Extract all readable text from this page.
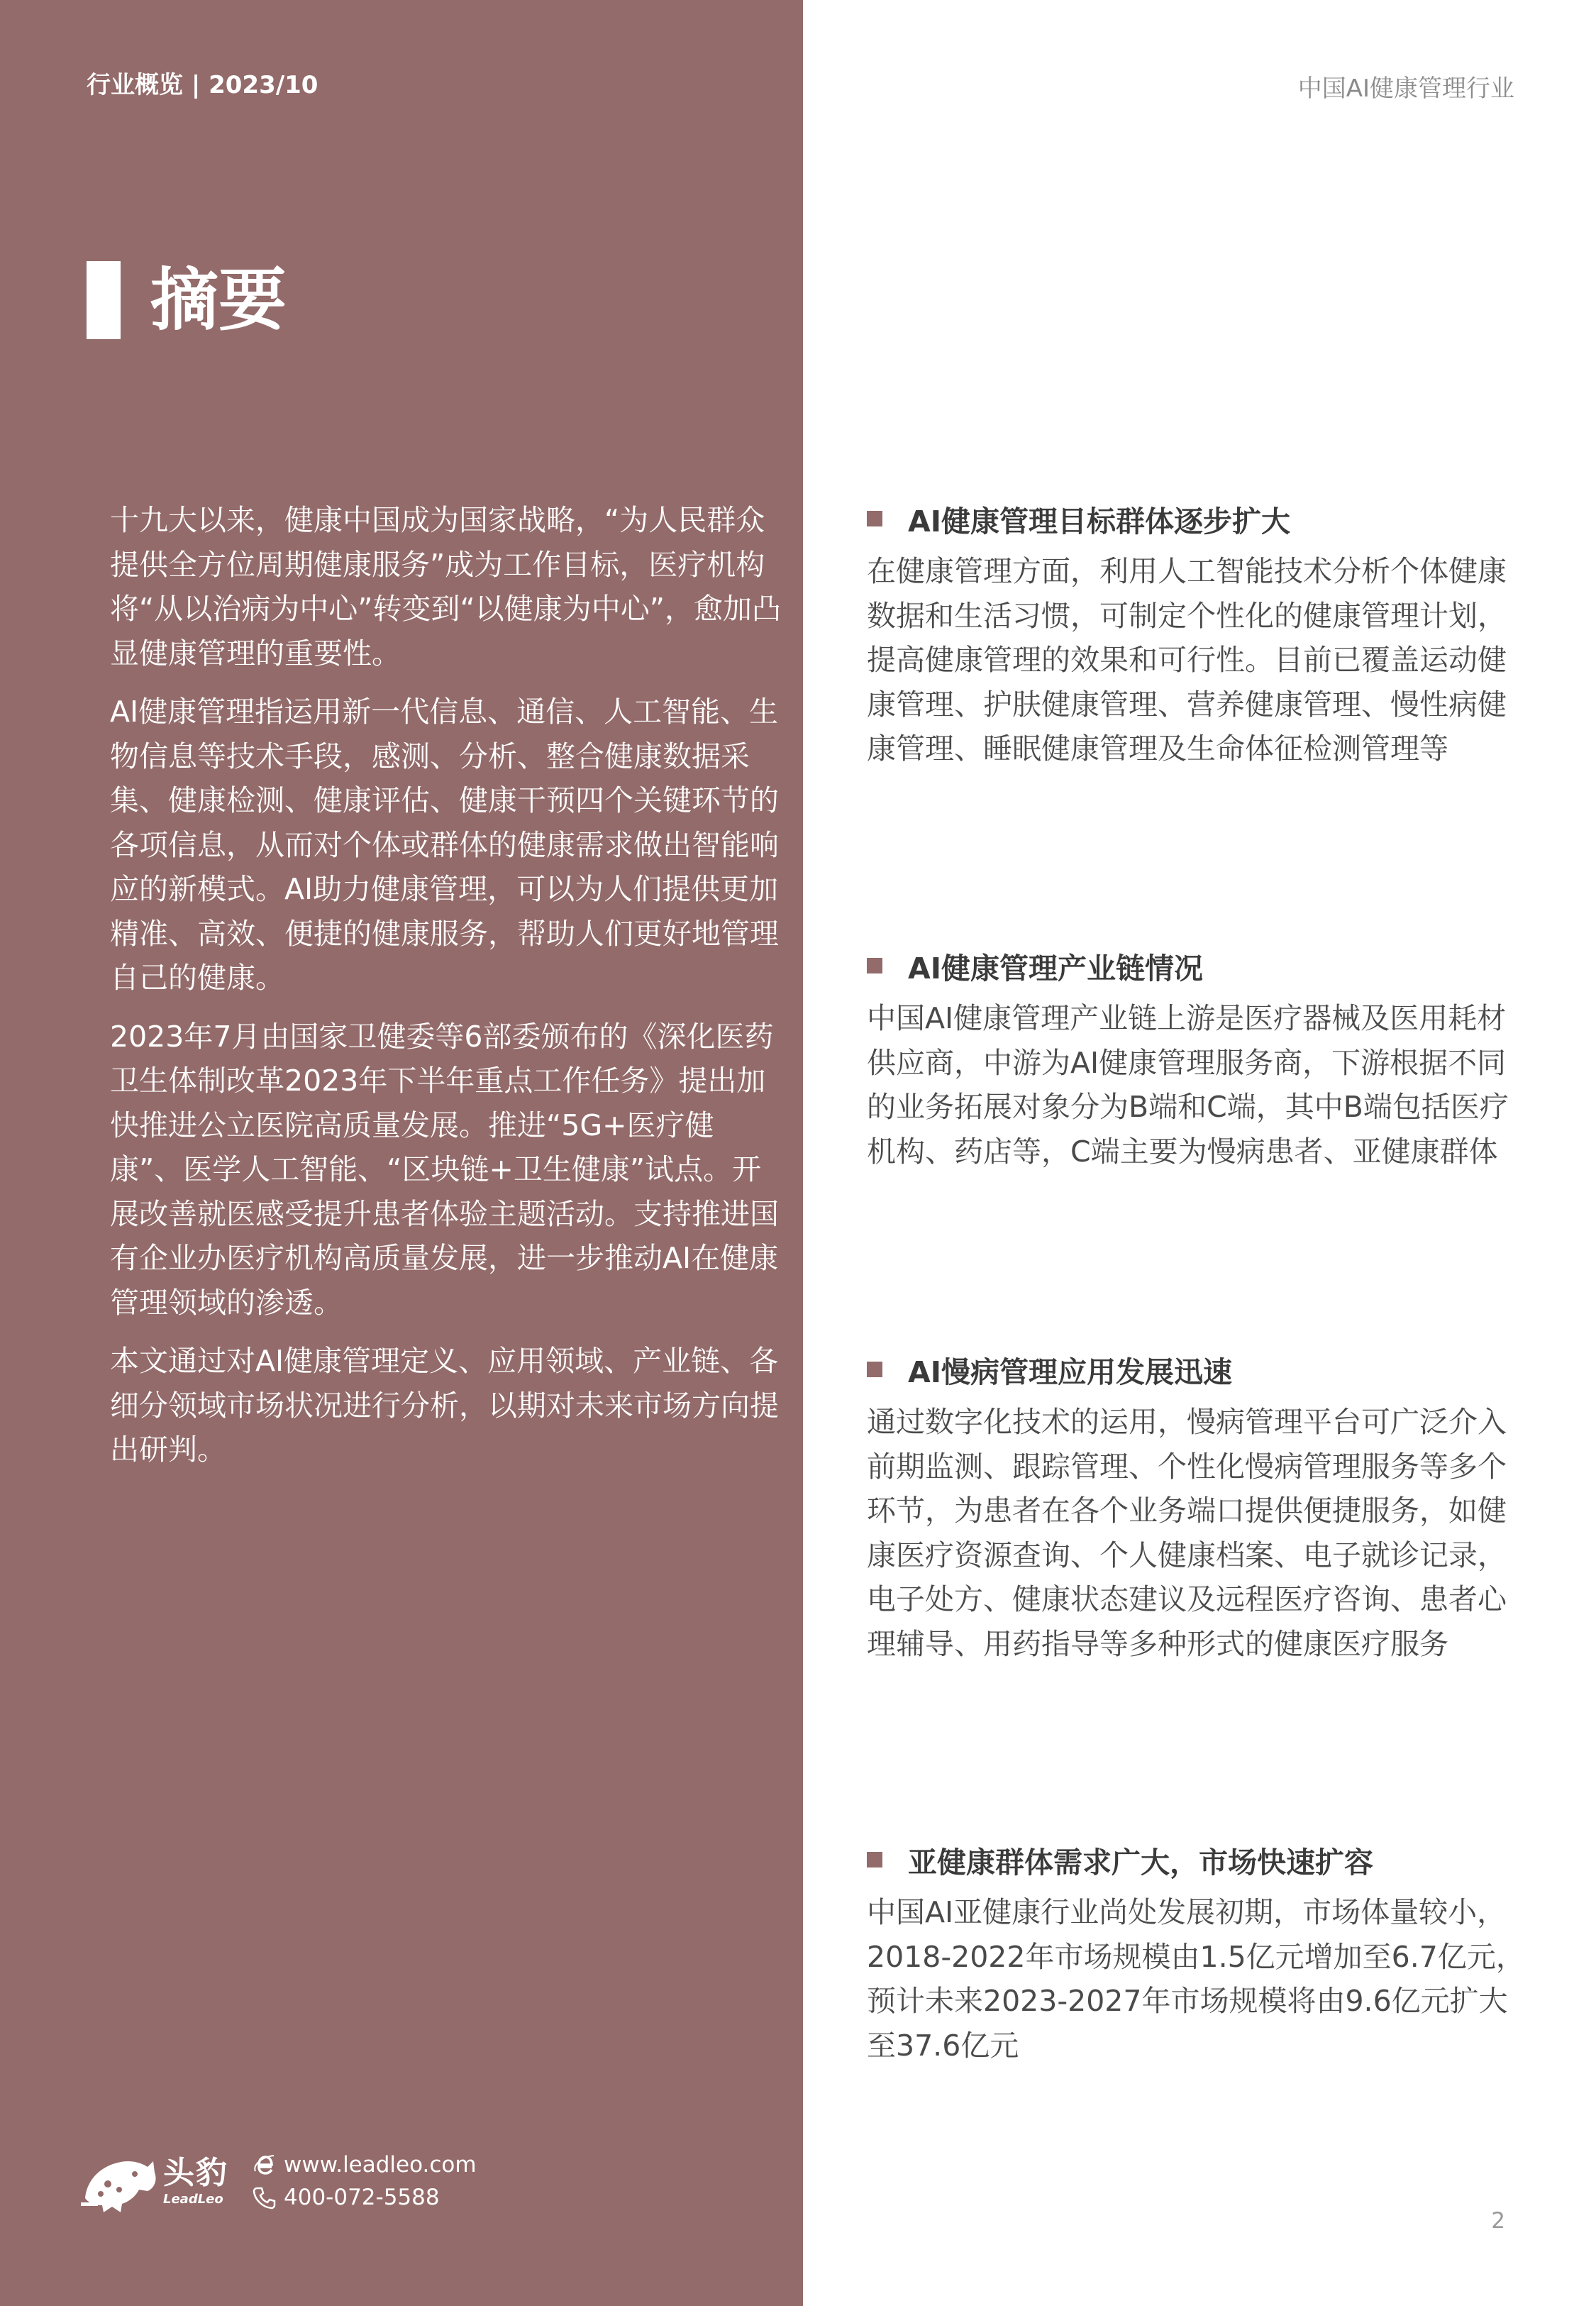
行业概览 | 2023/10	中国AI健康管理行业
摘要

十九大以来，健康中国成为国家战略，“为人民群众提供全方位周期健康服务”成为工作目标，医疗机构将“从以治病为中心”转变到“以健康为中心”，愈加凸显健康管理的重要性。

AI健康管理指运用新一代信息、通信、人工智能、生物信息等技术手段，感测、分析、整合健康数据采集、健康检测、健康评估、健康干预四个关键环节的各项信息，从而对个体或群体的健康需求做出智能响应的新模式。AI助力健康管理，可以为人们提供更加精准、高效、便捷的健康服务，帮助人们更好地管理自己的健康。

2023年7月由国家卫健委等6部委颁布的《深化医药卫生体制改革2023年下半年重点工作任务》提出加快推进公立医院高质量发展。推进“5G+医疗健康”、医学人工智能、“区块链+卫生健康”试点。开展改善就医感受提升患者体验主题活动。支持推进国有企业办医疗机构高质量发展，进一步推动AI在健康管理领域的渗透。

本文通过对AI健康管理定义、应用领域、产业链、各细分领域市场状况进行分析，以期对未来市场方向提出研判。

AI健康管理目标群体逐步扩大
在健康管理方面，利用人工智能技术分析个体健康数据和生活习惯，可制定个性化的健康管理计划，提高健康管理的效果和可行性。目前已覆盖运动健康管理、护肤健康管理、营养健康管理、慢性病健康管理、睡眠健康管理及生命体征检测管理等
AI健康管理产业链情况
中国AI健康管理产业链上游是医疗器械及医用耗材供应商，中游为AI健康管理服务商，下游根据不同的业务拓展对象分为B端和C端，其中B端包括医疗机构、药店等，C端主要为慢病患者、亚健康群体
AI慢病管理应用发展迅速
通过数字化技术的运用，慢病管理平台可广泛介入前期监测、跟踪管理、个性化慢病管理服务等多个环节，为患者在各个业务端口提供便捷服务，如健康医疗资源查询、个人健康档案、电子就诊记录，电子处方、健康状态建议及远程医疗咨询、患者心理辅导、用药指导等多种形式的健康医疗服务
亚健康群体需求广大，市场快速扩容
中国AI亚健康行业尚处发展初期，市场体量较小，2018-2022年市场规模由1.5亿元增加至6.7亿元，预计未来2023-2027年市场规模将由9.6亿元扩大至37.6亿元
头豹
LeadLeo
www.leadleo.com
400-072-5588
2
